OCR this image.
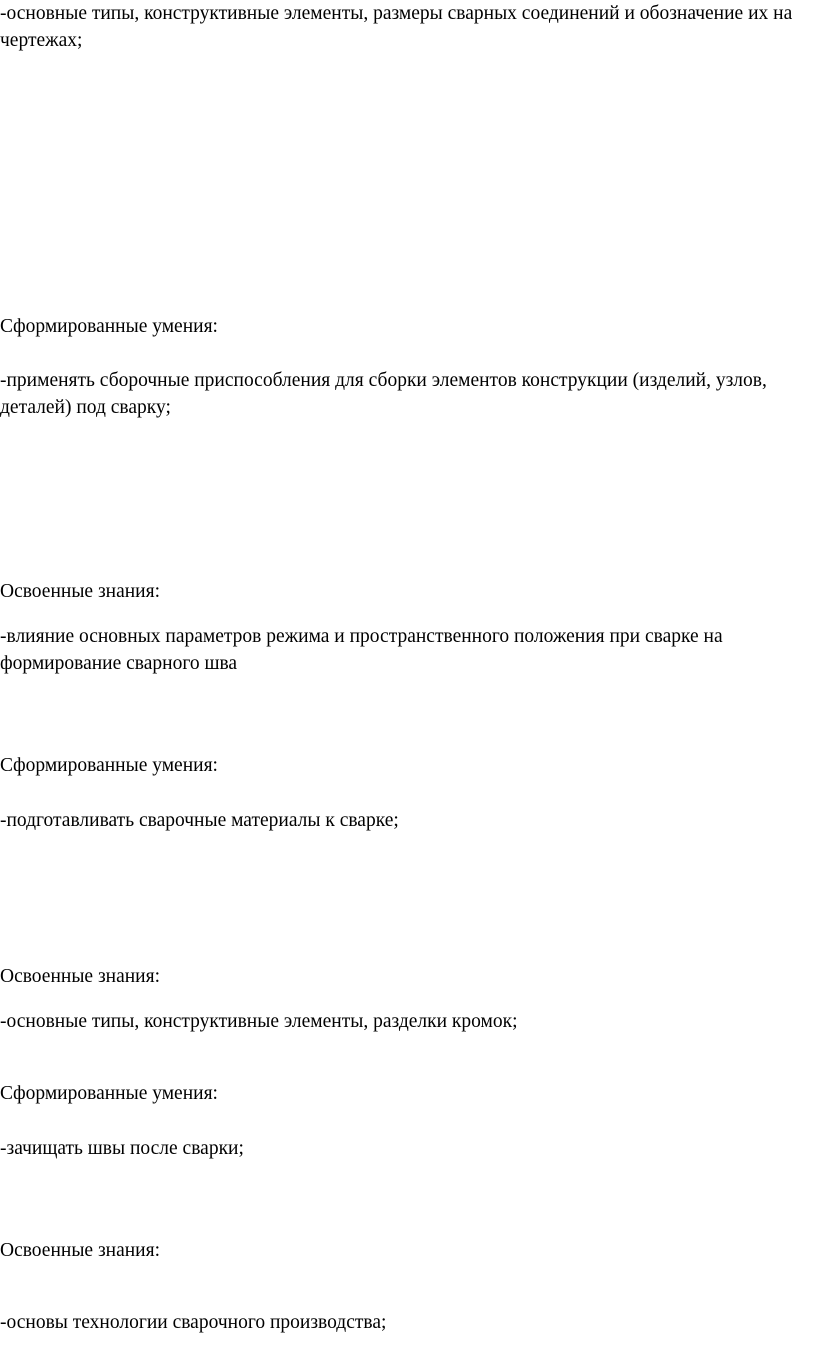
-основные типы, конструктивные элементы, размеры сварных соединений и обозначение их на чертежах;

Сформированные умения:

-применять сборочные приспособления для сборки элементов конструкции (изделий, узлов, деталей) под сварку;

Освоенные знания:

-влияние основных параметров режима и пространственного положения при сварке на формирование сварного шва

Сформированные умения:

-подготавливать сварочные материалы к сварке;

Освоенные знания:

-основные типы, конструктивные элементы, разделки кромок;

Сформированные умения:

-зачищать швы после сварки;

Освоенные знания:

-основы технологии сварочного производства;
